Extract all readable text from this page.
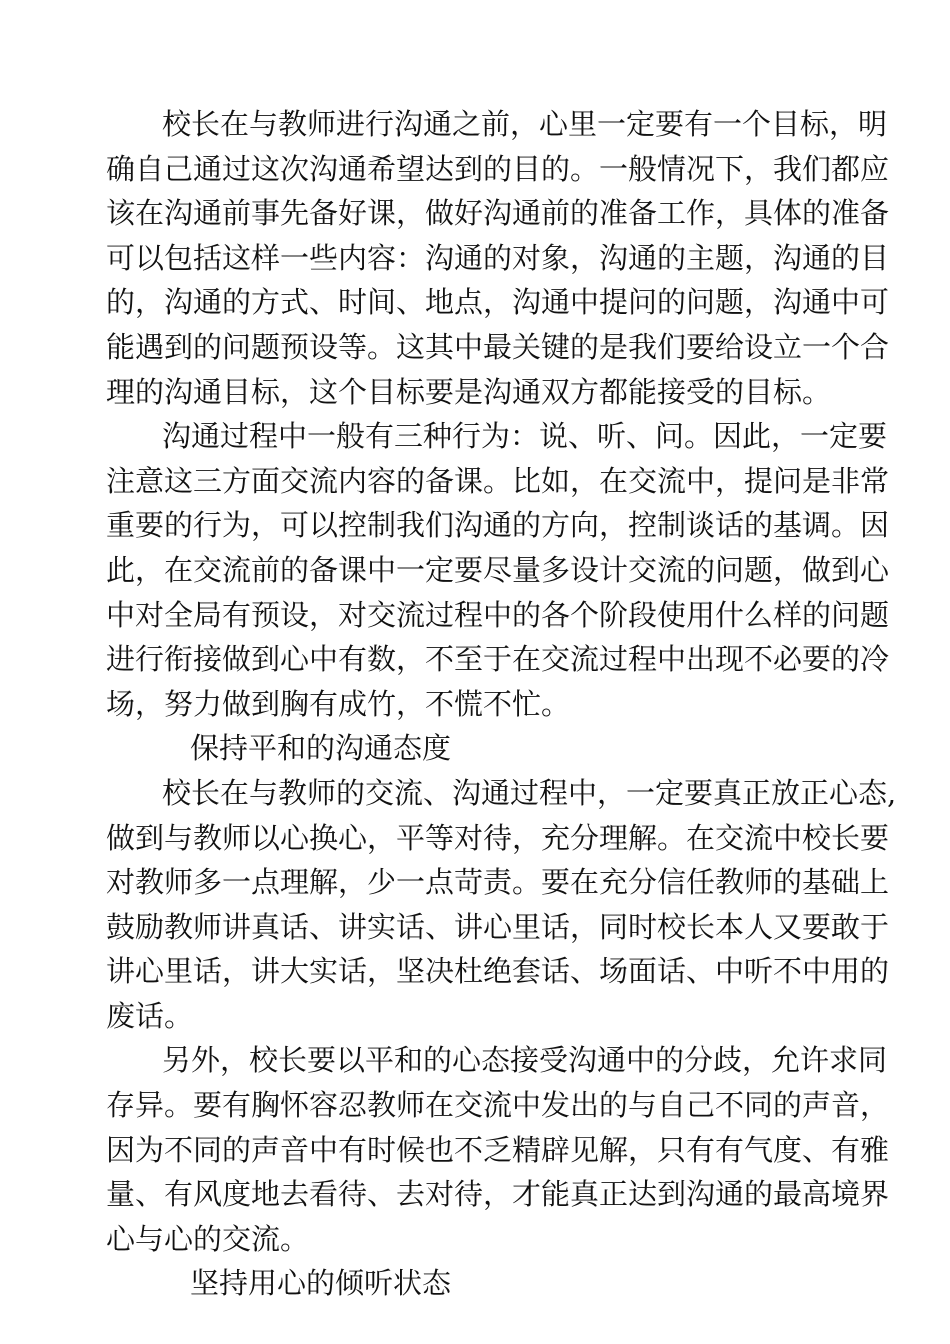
校长在与教师进行沟通之前，心里一定要有一个目标，明
确自己通过这次沟通希望达到的目的。一般情况下，我们都应
该在沟通前事先备好课，做好沟通前的准备工作，具体的准备
可以包括这样一些内容：沟通的对象，沟通的主题，沟通的目
的，沟通的方式、时间、地点，沟通中提问的问题，沟通中可
能遇到的问题预设等。这其中最关键的是我们要给设立一个合
理的沟通目标，这个目标要是沟通双方都能接受的目标。
沟通过程中一般有三种行为：说、听、问。因此，一定要
注意这三方面交流内容的备课。比如，在交流中，提问是非常
重要的行为，可以控制我们沟通的方向，控制谈话的基调。因
此，在交流前的备课中一定要尽量多设计交流的问题，做到心
中对全局有预设，对交流过程中的各个阶段使用什么样的问题
进行衔接做到心中有数，不至于在交流过程中出现不必要的冷
场，努力做到胸有成竹，不慌不忙。
保持平和的沟通态度
校长在与教师的交流、沟通过程中，一定要真正放正心态,
做到与教师以心换心，平等对待，充分理解。在交流中校长要
对教师多一点理解，少一点苛责。要在充分信任教师的基础上
鼓励教师讲真话、讲实话、讲心里话，同时校长本人又要敢于
讲心里话，讲大实话，坚决杜绝套话、场面话、中听不中用的
废话。
另外，校长要以平和的心态接受沟通中的分歧，允许求同
存异。要有胸怀容忍教师在交流中发出的与自己不同的声音，
因为不同的声音中有时候也不乏精辟见解，只有有气度、有雅
量、有风度地去看待、去对待，才能真正达到沟通的最高境界
心与心的交流。
坚持用心的倾听状态
